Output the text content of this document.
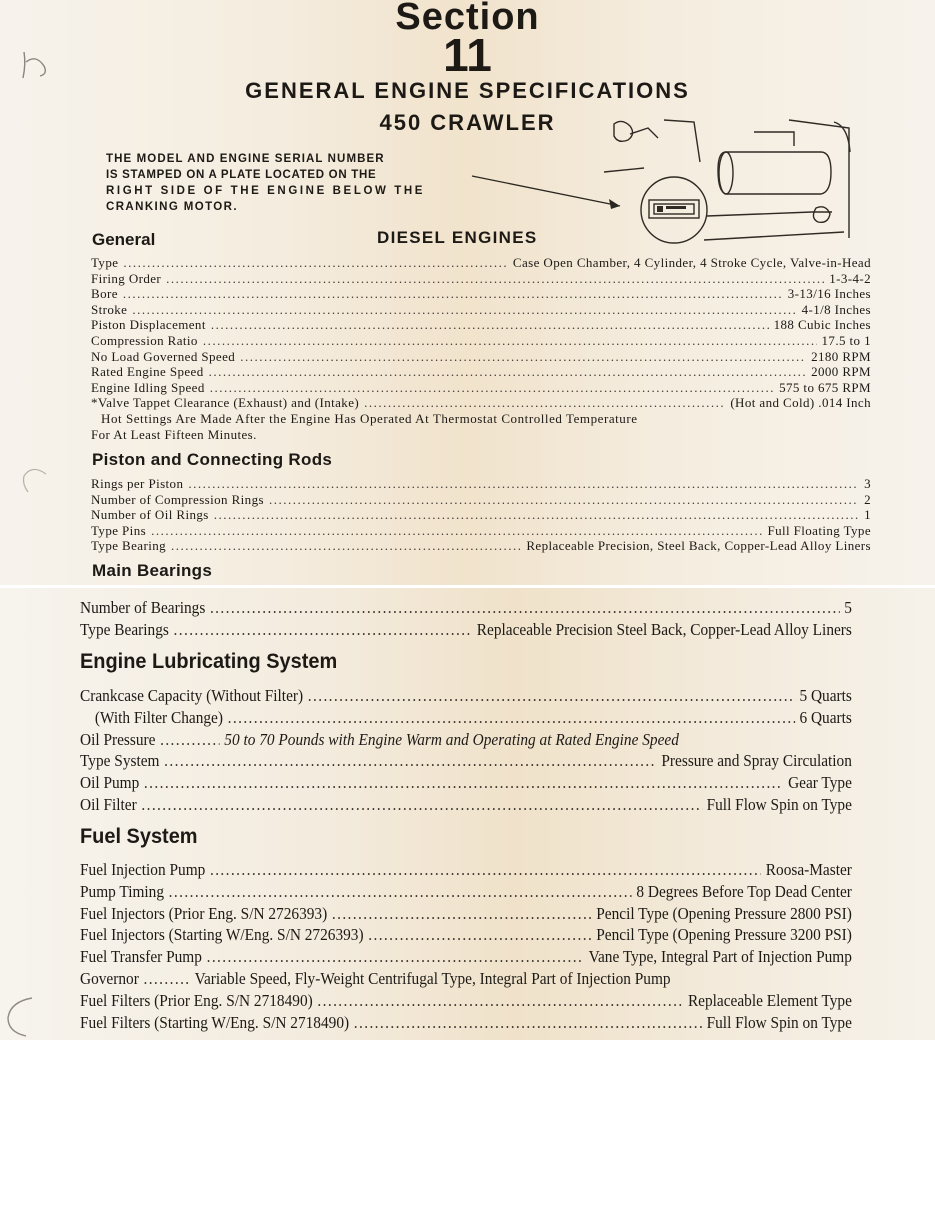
Section
11
GENERAL ENGINE SPECIFICATIONS
450 CRAWLER
THE MODEL AND ENGINE SERIAL NUMBER
IS STAMPED ON A PLATE LOCATED ON THE
RIGHT SIDE OF THE ENGINE BELOW THE
CRANKING MOTOR.
General	DIESEL ENGINES
Type .....	Case Open Chamber, 4 Cylinder, 4 Stroke Cycle, Valve-in-Head
Firing Order .....	1-3-4-2
Bore .....	3-13/16 Inches
Stroke .....	4-1/8 Inches
Piston Displacement .....	188 Cubic Inches
Compression Ratio .....	17.5 to 1
No Load Governed Speed .....	2180 RPM
Rated Engine Speed .....	2000 RPM
Engine Idling Speed .....	575 to 675 RPM
*Valve Tappet Clearance (Exhaust) and (Intake) .....	(Hot and Cold) .014 Inch
Hot Settings Are Made After the Engine Has Operated At Thermostat Controlled Temperature
For At Least Fifteen Minutes.
Piston and Connecting Rods
Rings per Piston .....	3
Number of Compression Rings .....	2
Number of Oil Rings .....	1
Type Pins .....	Full Floating Type
Type Bearing .....	Replaceable Precision, Steel Back, Copper-Lead Alloy Liners
Main Bearings
Number of Bearings .....	5
Type Bearings .....	Replaceable Precision Steel Back, Copper-Lead Alloy Liners
Engine Lubricating System
Crankcase Capacity (Without Filter) .....	5 Quarts
(With Filter Change) .....	6 Quarts
Oil Pressure .....	50 to 70 Pounds with Engine Warm and Operating at Rated Engine Speed
Type System .....	Pressure and Spray Circulation
Oil Pump .....	Gear Type
Oil Filter .....	Full Flow Spin on Type
Fuel System
Fuel Injection Pump .....	Roosa-Master
Pump Timing .....	8 Degrees Before Top Dead Center
Fuel Injectors (Prior Eng. S/N 2726393) .....	Pencil Type (Opening Pressure 2800 PSI)
Fuel Injectors (Starting W/Eng. S/N 2726393) .....	Pencil Type (Opening Pressure 3200 PSI)
Fuel Transfer Pump .....	Vane Type, Integral Part of Injection Pump
Governor .....	Variable Speed, Fly-Weight Centrifugal Type, Integral Part of Injection Pump
Fuel Filters (Prior Eng. S/N 2718490) .....	Replaceable Element Type
Fuel Filters (Starting W/Eng. S/N 2718490) .....	Full Flow Spin on Type
